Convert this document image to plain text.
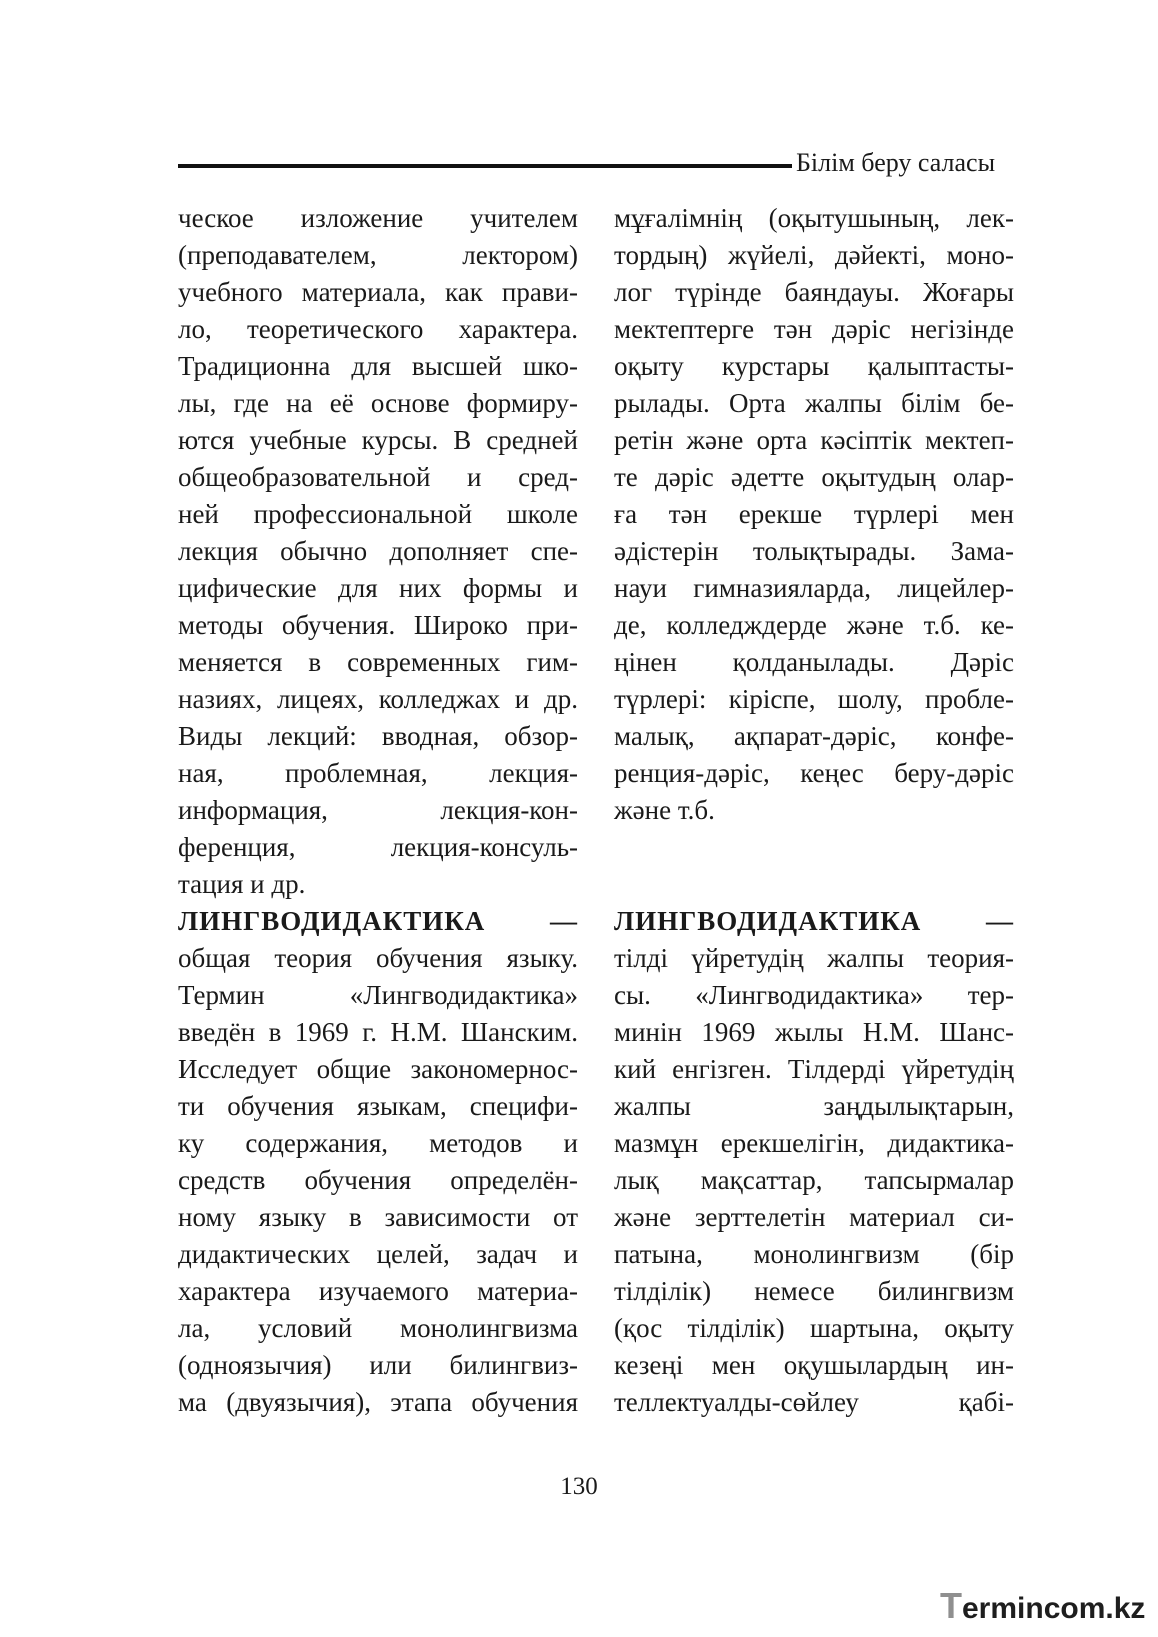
Білім беру саласы
ческое изложение учителем
(преподавателем, лектором)
учебного материала, как прави-
ло, теоретического характера.
Традиционна для высшей шко-
лы, где на её основе формиру-
ются учебные курсы. В средней
общеобразовательной и сред-
ней профессиональной школе
лекция обычно дополняет спе-
цифические для них формы и
методы обучения. Широко при-
меняется в современных гим-
назиях, лицеях, колледжах и др.
Виды лекций: вводная, обзор-
ная, проблемная, лекция-
информация, лекция-кон-
ференция, лекция-консуль-
тация и др.
ЛИНГВОДИДАКТИКА —
общая теория обучения языку.
Термин «Лингводидактика»
введён в 1969 г. Н.М. Шанским.
Исследует общие закономернос-
ти обучения языкам, специфи-
ку содержания, методов и
средств обучения определён-
ному языку в зависимости от
дидактических целей, задач и
характера изучаемого материа-
ла, условий монолингвизма
(одноязычия) или билингвиз-
ма (двуязычия), этапа обучения
мұғалімнің (оқытушының, лек-
тордың) жүйелі, дәйекті, моно-
лог түрінде баяндауы. Жоғары
мектептерге тән дәріс негізінде
оқыту курстары қалыптасты-
рылады. Орта жалпы білім бе-
ретін және орта кәсіптік мектеп-
те дәріс әдетте оқытудың олар-
ға тән ерекше түрлері мен
әдістерін толықтырады. Зама-
науи гимназияларда, лицейлер-
де, колледждерде және т.б. ке-
ңінен қолданылады. Дәріс
түрлері: кіріспе, шолу, пробле-
малық, ақпарат-дәріс, конфе-
ренция-дәріс, кеңес беру-дәріс
және т.б.
ЛИНГВОДИДАКТИКА —
тілді үйретудің жалпы теория-
сы. «Лингводидактика» тер-
минін 1969 жылы Н.М. Шанс-
кий енгізген. Тілдерді үйретудің
жалпы заңдылықтарын,
мазмұн ерекшелігін, дидактика-
лық мақсаттар, тапсырмалар
және зерттелетін материал си-
патына, монолингвизм (бір
тілділік) немесе билингвизм
(қос тілділік) шартына, оқыту
кезеңі мен оқушылардың ин-
теллектуалды-сөйлеу қабі-
130
Termincom.kz
